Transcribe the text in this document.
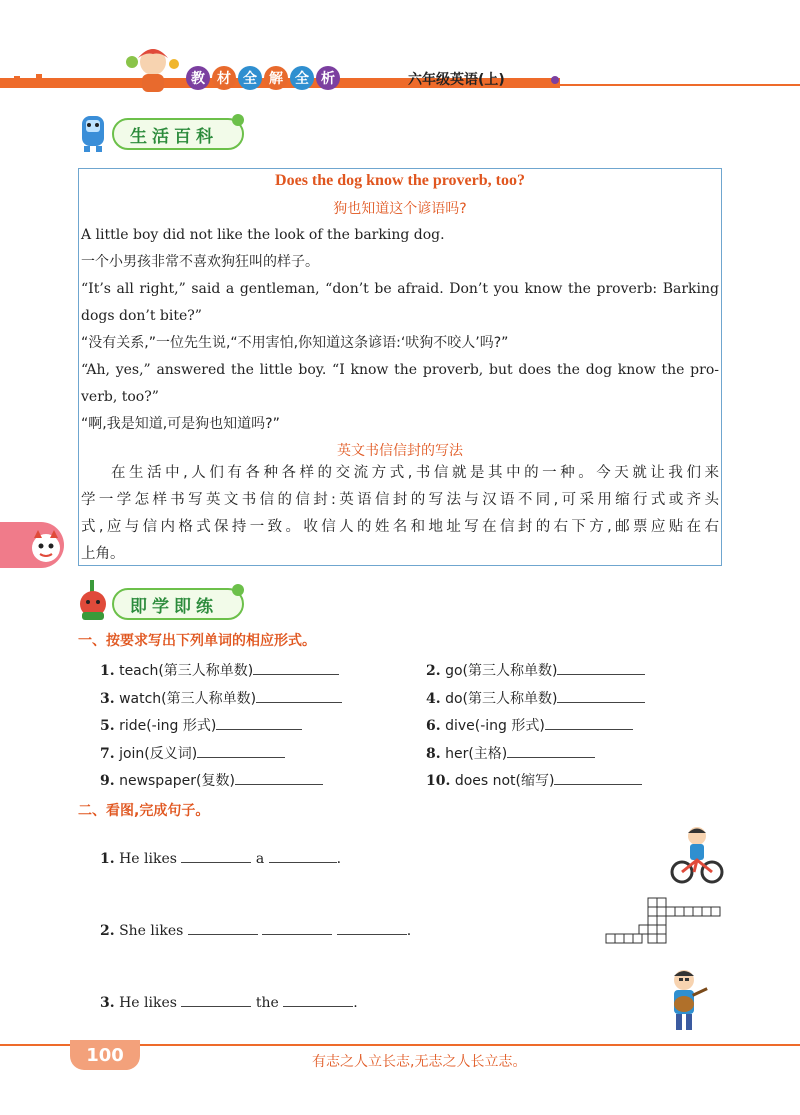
教 材 全 解 全 析	六年级英语(上)
生活百科
Does the dog know the proverb, too?
狗也知道这个谚语吗?
A little boy did not like the look of the barking dog.
一个小男孩非常不喜欢狗狂叫的样子。
“It’s all right,” said a gentleman, “don’t be afraid. Don’t you know the proverb: Barking
dogs don’t bite?”
“没有关系,”一位先生说,“不用害怕,你知道这条谚语:‘吠狗不咬人’吗?”
“Ah, yes,” answered the little boy. “I know the proverb, but does the dog know the pro-
verb, too?”
“啊,我是知道,可是狗也知道吗?”
英文书信信封的写法
在生活中,人们有各种各样的交流方式,书信就是其中的一种。今天就让我们来
学一学怎样书写英文书信的信封:英语信封的写法与汉语不同,可采用缩行式或齐头
式,应与信内格式保持一致。收信人的姓名和地址写在信封的右下方,邮票应贴在右
上角。
即学即练
一、按要求写出下列单词的相应形式。
1. teach(第三人称单数)	2. go(第三人称单数)
3. watch(第三人称单数)	4. do(第三人称单数)
5. ride(-ing 形式)	6. dive(-ing 形式)
7. join(反义词)	8. her(主格)
9. newspaper(复数)	10. does not(缩写)
二、看图,完成句子。
1. He likes	a	.
2. She likes	.
3. He likes	the	.
100	有志之人立长志,无志之人长立志。
